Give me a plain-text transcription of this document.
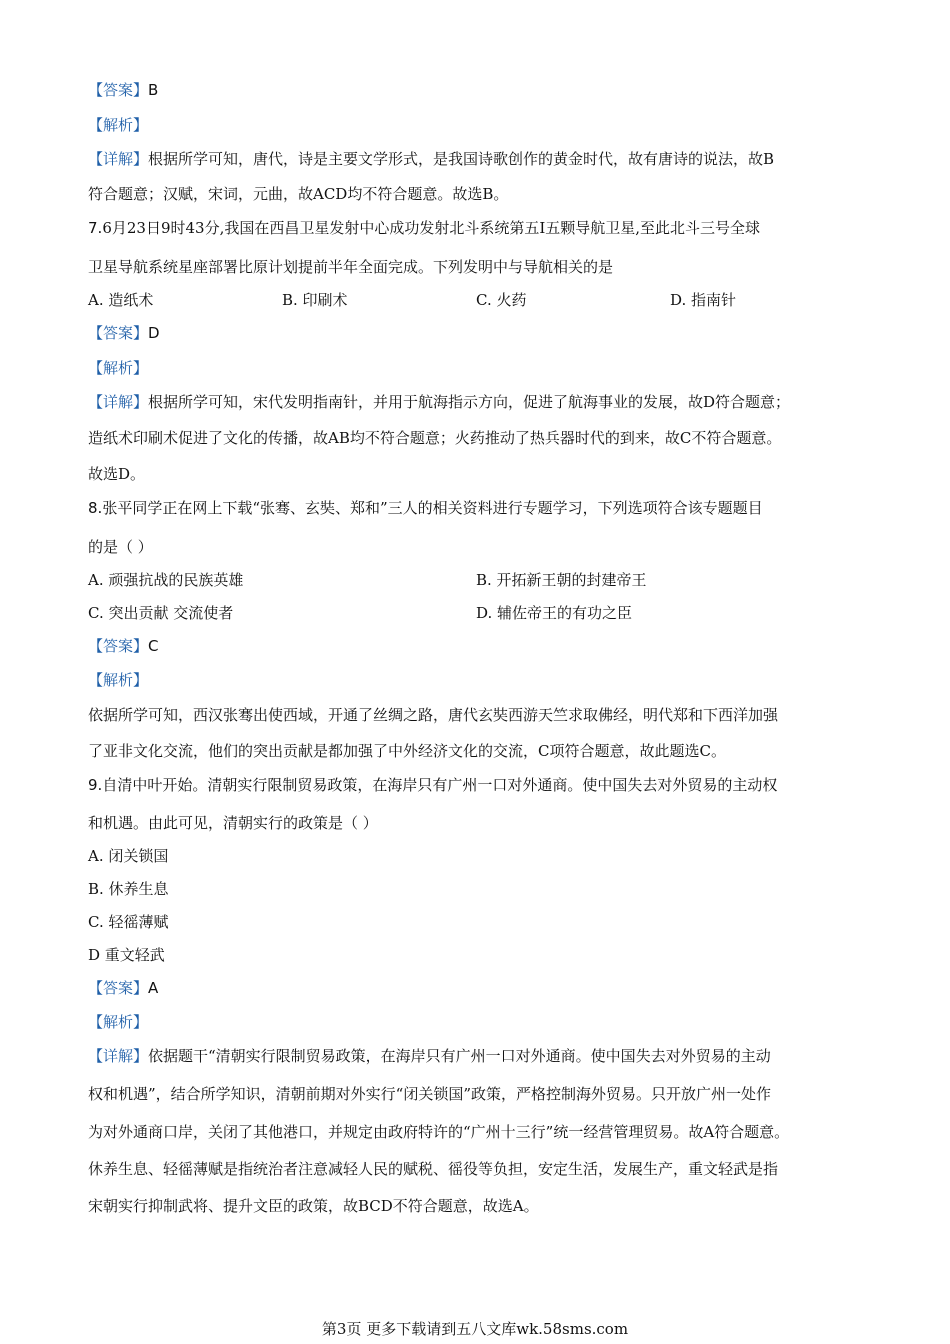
【答案】B
【解析】
【详解】根据所学可知，唐代，诗是主要文学形式，是我国诗歌创作的黄金时代，故有唐诗的说法，故B
符合题意；汉赋，宋词，元曲，故ACD均不符合题意。故选B。
7.6月23日9时43分,我国在西昌卫星发射中心成功发射北斗系统第五Ⅰ五颗导航卫星,至此北斗三号全球
卫星导航系统星座部署比原计划提前半年全面完成。下列发明中与导航相关的是
A. 造纸术	B. 印刷术	C. 火药	D. 指南针
【答案】D
【解析】
【详解】根据所学可知，宋代发明指南针，并用于航海指示方向，促进了航海事业的发展，故D符合题意；
造纸术印刷术促进了文化的传播，故AB均不符合题意；火药推动了热兵器时代的到来，故C不符合题意。
故选D。
8.张平同学正在网上下载“张骞、玄奘、郑和”三人的相关资料进行专题学习，下列选项符合该专题题目
的是（ ）
A. 顽强抗战的民族英雄	B. 开拓新王朝的封建帝王
C. 突出贡献 交流使者	D. 辅佐帝王的有功之臣
【答案】C
【解析】
依据所学可知，西汉张骞出使西域，开通了丝绸之路，唐代玄奘西游天竺求取佛经，明代郑和下西洋加强
了亚非文化交流，他们的突出贡献是都加强了中外经济文化的交流，C项符合题意，故此题选C。
9.自清中叶开始。清朝实行限制贸易政策，在海岸只有广州一口对外通商。使中国失去对外贸易的主动权
和机遇。由此可见，清朝实行的政策是（ ）
A. 闭关锁国
B. 休养生息
C. 轻徭薄赋
D 重文轻武
【答案】A
【解析】
【详解】依据题干“清朝实行限制贸易政策，在海岸只有广州一口对外通商。使中国失去对外贸易的主动
权和机遇”，结合所学知识，清朝前期对外实行“闭关锁国”政策，严格控制海外贸易。只开放广州一处作
为对外通商口岸，关闭了其他港口，并规定由政府特许的“广州十三行”统一经营管理贸易。故A符合题意。
休养生息、轻徭薄赋是指统治者注意减轻人民的赋税、徭役等负担，安定生活，发展生产，重文轻武是指
宋朝实行抑制武将、提升文臣的政策，故BCD不符合题意，故选A。
第3页 更多下载请到五八文库wk.58sms.com
